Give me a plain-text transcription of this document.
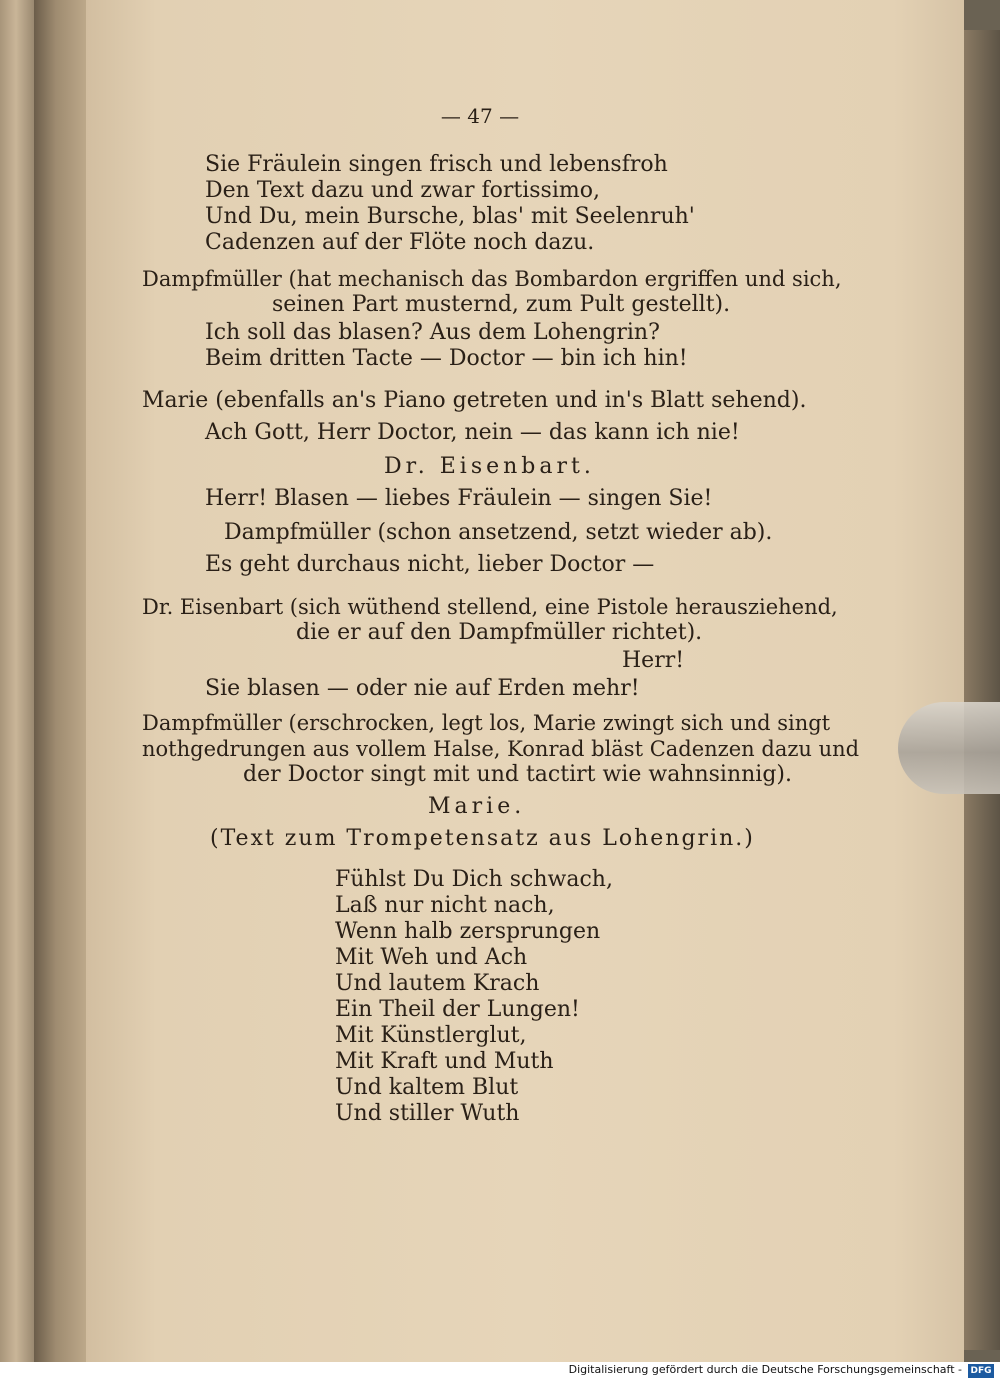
— 47 —
Sie Fräulein singen frisch und lebensfroh
Den Text dazu und zwar fortissimo,
Und Du, mein Bursche, blas' mit Seelenruh'
Cadenzen auf der Flöte noch dazu.
Dampfmüller (hat mechanisch das Bombardon ergriffen und sich,
seinen Part musternd, zum Pult gestellt).
Ich soll das blasen? Aus dem Lohengrin?
Beim dritten Tacte — Doctor — bin ich hin!
Marie (ebenfalls an's Piano getreten und in's Blatt sehend).
Ach Gott, Herr Doctor, nein — das kann ich nie!
Dr. Eisenbart.
Herr! Blasen — liebes Fräulein — singen Sie!
Dampfmüller (schon ansetzend, setzt wieder ab).
Es geht durchaus nicht, lieber Doctor —
Dr. Eisenbart (sich wüthend stellend, eine Pistole herausziehend,
die er auf den Dampfmüller richtet).
Herr!
Sie blasen — oder nie auf Erden mehr!
Dampfmüller (erschrocken, legt los, Marie zwingt sich und singt
nothgedrungen aus vollem Halse, Konrad bläst Cadenzen dazu und
der Doctor singt mit und tactirt wie wahnsinnig).
Marie.
(Text zum Trompetensatz aus Lohengrin.)
Fühlst Du Dich schwach,
Laß nur nicht nach,
Wenn halb zersprungen
Mit Weh und Ach
Und lautem Krach
Ein Theil der Lungen!
Mit Künstlerglut,
Mit Kraft und Muth
Und kaltem Blut
Und stiller Wuth
Digitalisierung gefördert durch die Deutsche Forschungsgemeinschaft - DFG
